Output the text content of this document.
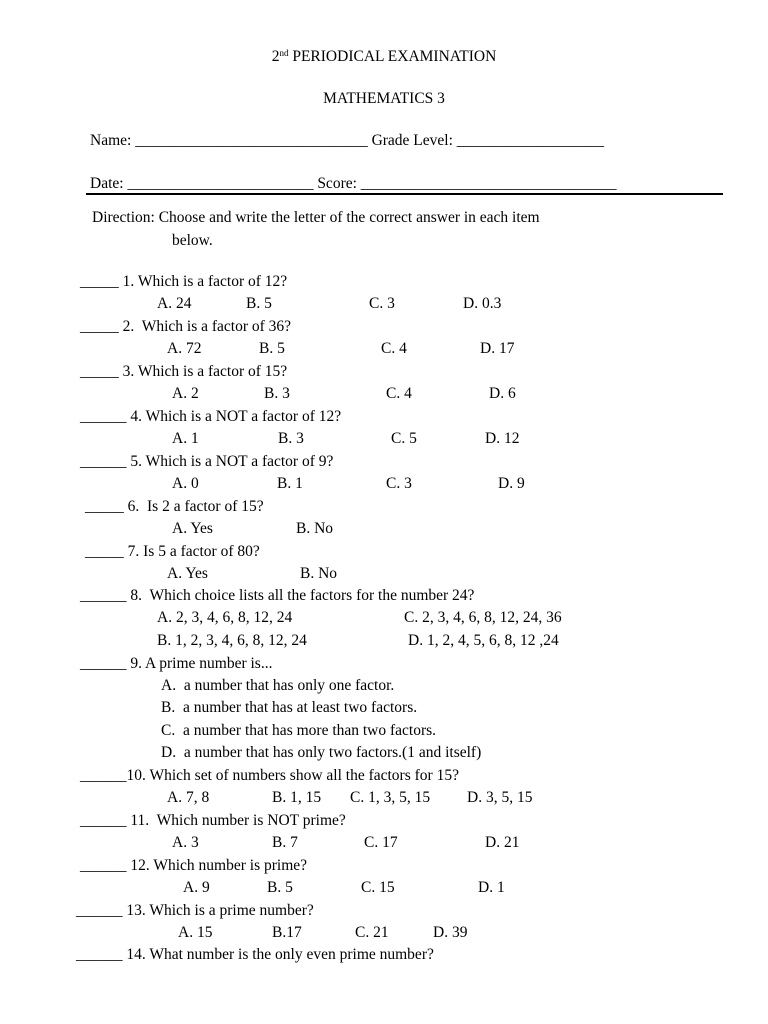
2nd PERIODICAL EXAMINATION
MATHEMATICS 3
Name: ______________________________ Grade Level: ___________________
Date: ________________________ Score: _________________________________
Direction: Choose and write the letter of the correct answer in each item
below.
_____ 1. Which is a factor of 12?
A. 24	B. 5	C. 3	D. 0.3
_____ 2.  Which is a factor of 36?
A. 72	B. 5	C. 4	D. 17
_____ 3. Which is a factor of 15?
A. 2	B. 3	C. 4	D. 6
______ 4. Which is a NOT a factor of 12?
A. 1	B. 3	C. 5	D. 12
______ 5. Which is a NOT a factor of 9?
A. 0	B. 1	C. 3	D. 9
_____ 6.  Is 2 a factor of 15?
A. Yes	B. No
_____ 7. Is 5 a factor of 80?
A. Yes	B. No
______ 8.  Which choice lists all the factors for the number 24?
A. 2, 3, 4, 6, 8, 12, 24	C. 2, 3, 4, 6, 8, 12, 24, 36
B. 1, 2, 3, 4, 6, 8, 12, 24	D. 1, 2, 4, 5, 6, 8, 12 ,24
______ 9. A prime number is...
A.  a number that has only one factor.
B.  a number that has at least two factors.
C.  a number that has more than two factors.
D.  a number that has only two factors.(1 and itself)
______10. Which set of numbers show all the factors for 15?
A. 7, 8	B. 1, 15 C. 1, 3, 5, 15 D. 3, 5, 15
______ 11.  Which number is NOT prime?
A. 3	B. 7	C. 17	D. 21
______ 12. Which number is prime?
A. 9	B. 5	C. 15	D. 1
______ 13. Which is a prime number?
A. 15	B.17	C. 21	D. 39
______ 14. What number is the only even prime number?
